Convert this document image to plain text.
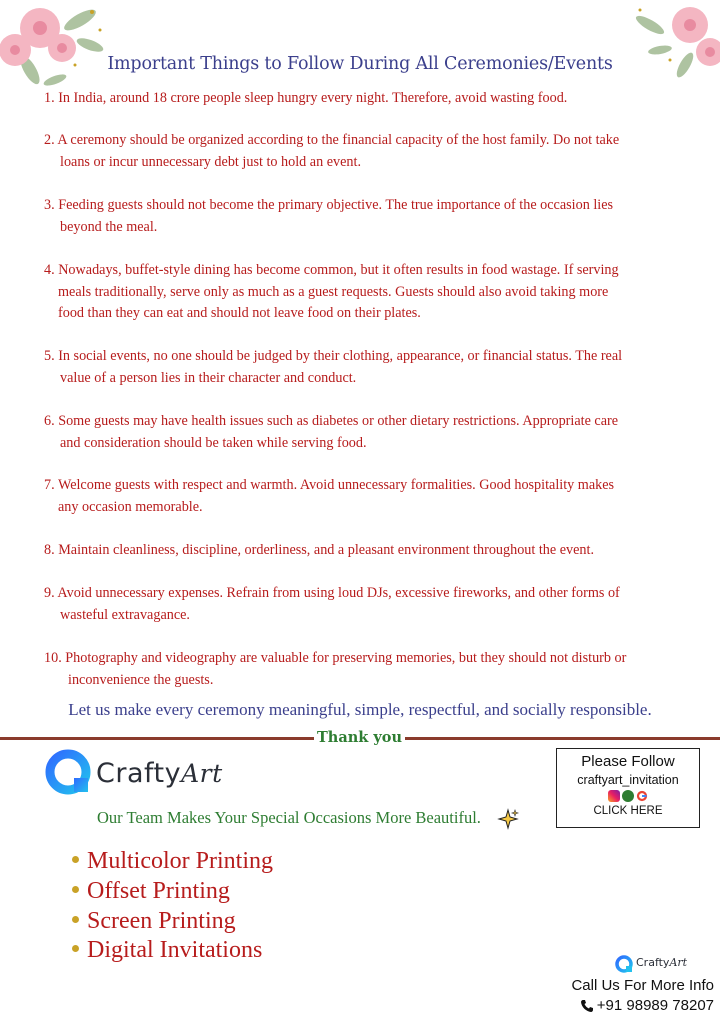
Important Things to Follow During All Ceremonies/Events
1. In India, around 18 crore people sleep hungry every night. Therefore, avoid wasting food.
2. A ceremony should be organized according to the financial capacity of the host family. Do not take
loans or incur unnecessary debt just to hold an event.
3. Feeding guests should not become the primary objective. The true importance of the occasion lies
beyond the meal.
4. Nowadays, buffet-style dining has become common, but it often results in food wastage. If serving
meals traditionally, serve only as much as a guest requests. Guests should also avoid taking more
food than they can eat and should not leave food on their plates.
5. In social events, no one should be judged by their clothing, appearance, or financial status. The real
value of a person lies in their character and conduct.
6. Some guests may have health issues such as diabetes or other dietary restrictions. Appropriate care
and consideration should be taken while serving food.
7. Welcome guests with respect and warmth. Avoid unnecessary formalities. Good hospitality makes
any occasion memorable.
8. Maintain cleanliness, discipline, orderliness, and a pleasant environment throughout the event.
9. Avoid unnecessary expenses. Refrain from using loud DJs, excessive fireworks, and other forms of
wasteful extravagance.
10. Photography and videography are valuable for preserving memories, but they should not disturb or
inconvenience the guests.
Let us make every ceremony meaningful, simple, respectful, and socially responsible.
Thank you
CraftyArt	Please Follow
craftyart_invitation
CLICK HERE
Our Team Makes Your Special Occasions More Beautiful.
Multicolor Printing
Offset Printing
Screen Printing
Digital Invitations	CraftyArt
Call Us For More Info
+91 98989 78207
